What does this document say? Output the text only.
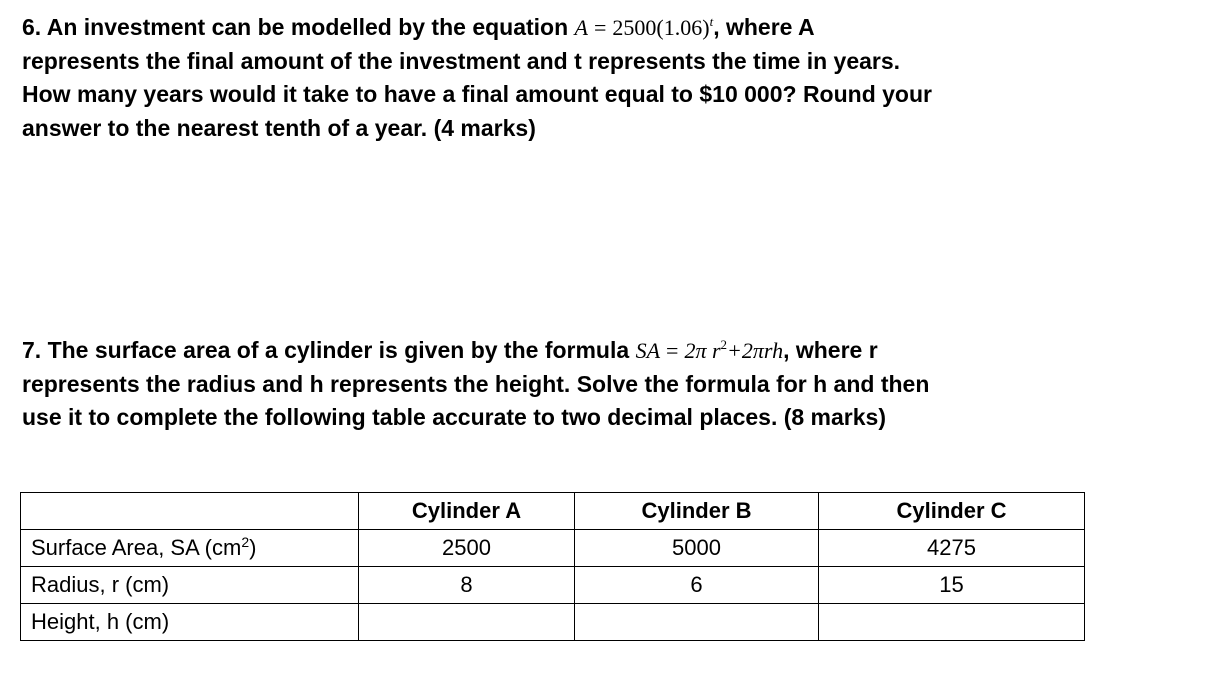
6. An investment can be modelled by the equation $A = 2500(1.06)^t$, where A
represents the final amount of the investment and t represents the time in years.
How many years would it take to have a final amount equal to $10 000? Round your
answer to the nearest tenth of a year. (4 marks)
7. The surface area of a cylinder is given by the formula SA = 2π $r^2+2\pi rh$, where r
represents the radius and h represents the height. Solve the formula for h and then
use it to complete the following table accurate to two decimal places. (8 marks)
	Cylinder A	Cylinder B	Cylinder C
Surface Area, SA $(cm^2)$	2500	5000	4275
Radius, r (cm)	8	6	15
Height, h (cm)			
